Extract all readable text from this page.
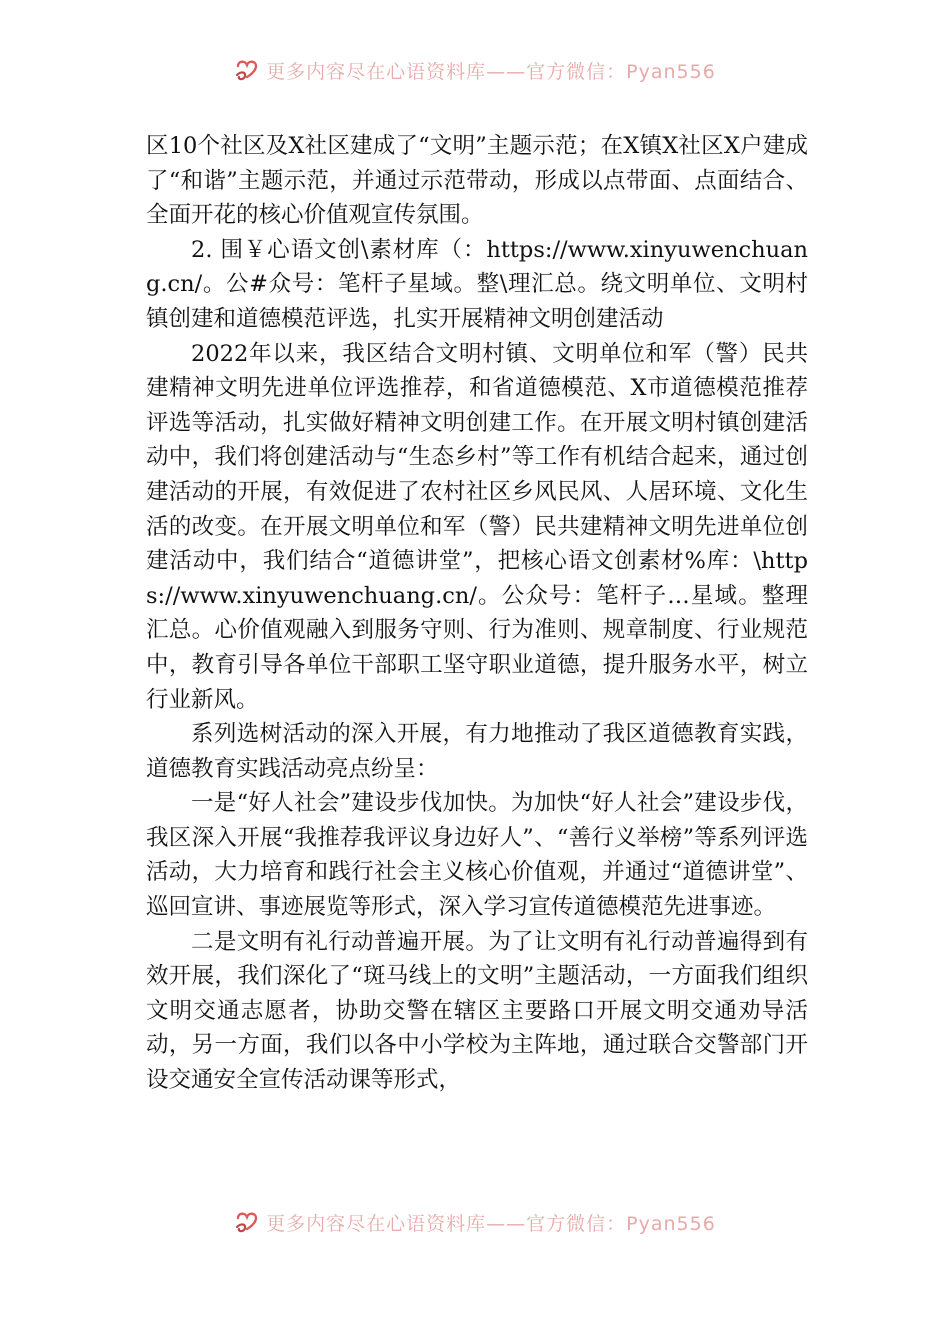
更多内容尽在心语资料库——官方微信：Pyan556

区10个社区及X社区建成了“文明”主题示范；在X镇X社区X户建成了“和谐”主题示范，并通过示范带动，形成以点带面、点面结合、全面开花的核心价值观宣传氛围。

2. 围￥心语文创\素材库（：https://www.xinyuwenchuang.cn/。公#众号：笔杆子星域。整\理汇总。绕文明单位、文明村镇创建和道德模范评选，扎实开展精神文明创建活动

2022年以来，我区结合文明村镇、文明单位和军（警）民共建精神文明先进单位评选推荐，和省道德模范、X市道德模范推荐评选等活动，扎实做好精神文明创建工作。在开展文明村镇创建活动中，我们将创建活动与“生态乡村”等工作有机结合起来，通过创建活动的开展，有效促进了农村社区乡风民风、人居环境、文化生活的改变。在开展文明单位和军（警）民共建精神文明先进单位创建活动中，我们结合“道德讲堂”，把核心语文创素材%库：\https://www.xinyuwenchuang.cn/。公众号：笔杆子…星域。整理汇总。心价值观融入到服务守则、行为准则、规章制度、行业规范中，教育引导各单位干部职工坚守职业道德，提升服务水平，树立行业新风。

系列选树活动的深入开展，有力地推动了我区道德教育实践，道德教育实践活动亮点纷呈：

一是“好人社会”建设步伐加快。为加快“好人社会”建设步伐，我区深入开展“我推荐我评议身边好人”、“善行义举榜”等系列评选活动，大力培育和践行社会主义核心价值观，并通过“道德讲堂”、巡回宣讲、事迹展览等形式，深入学习宣传道德模范先进事迹。

二是文明有礼行动普遍开展。为了让文明有礼行动普遍得到有效开展，我们深化了“斑马线上的文明”主题活动，一方面我们组织文明交通志愿者，协助交警在辖区主要路口开展文明交通劝导活动，另一方面，我们以各中小学校为主阵地，通过联合交警部门开设交通安全宣传活动课等形式，

更多内容尽在心语资料库——官方微信：Pyan556
